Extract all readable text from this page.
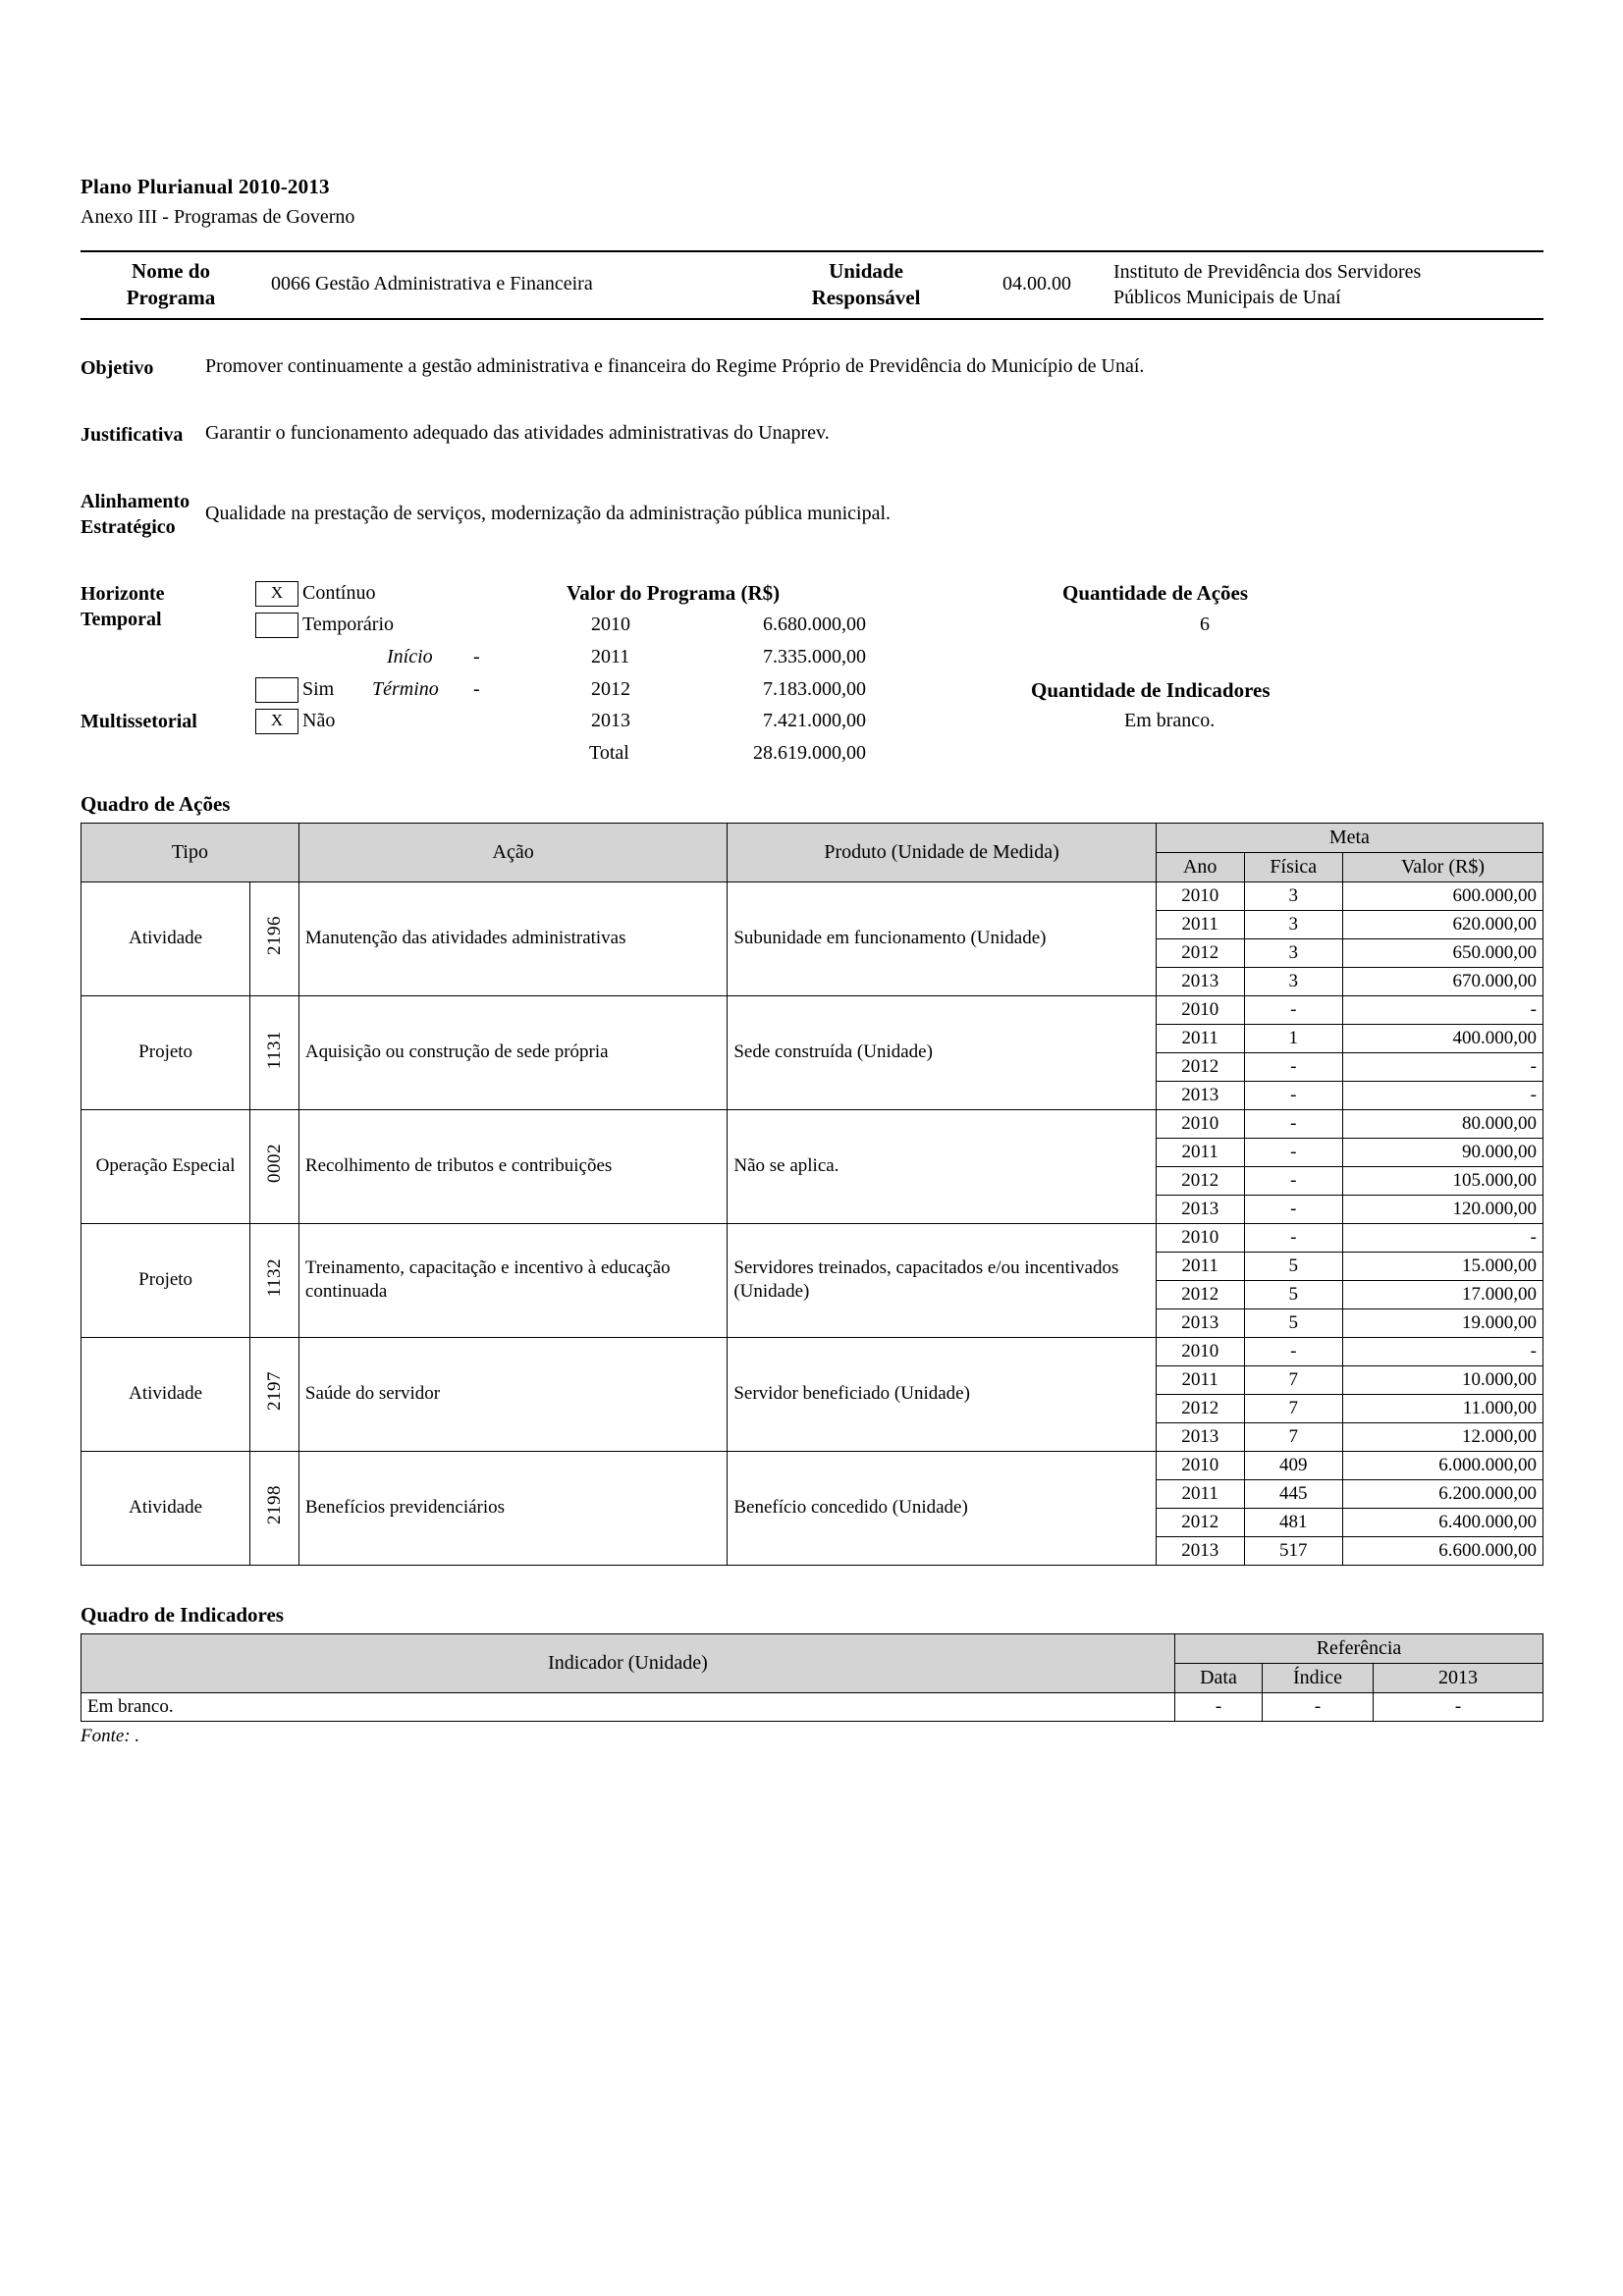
Plano Plurianual 2010-2013
Anexo III - Programas de Governo
Nome do
Programa
0066 Gestão Administrativa e Financeira
Unidade
Responsável
04.00.00
Instituto de Previdência dos Servidores
Públicos Municipais de Unaí
Objetivo	Promover continuamente a gestão administrativa e financeira do Regime Próprio de Previdência do Município de Unaí.
Justificativa	Garantir o funcionamento adequado das atividades administrativas do Unaprev.
Alinhamento
Estratégico
Qualidade na prestação de serviços, modernização da administração pública municipal.
Horizonte
Temporal
Multissetorial
X Contínuo
Temporário
Sim
X Não
Início -
Término -
Valor do Programa (R$)
2010	6.680.000,00
2011	7.335.000,00
2012	7.183.000,00
2013	7.421.000,00
Total	28.619.000,00
Quantidade de Ações
6
Quantidade de Indicadores
Em branco.
Quadro de Ações
Tipo		Ação	Produto (Unidade de Medida)	Meta		
				Ano	Física	Valor (R$)
Atividade	2196	Manutenção das atividades administrativas	Subunidade em funcionamento (Unidade)	2010	3	600.000,00
				2011	3	620.000,00
				2012	3	650.000,00
				2013	3	670.000,00
Projeto	1131	Aquisição ou construção de sede própria	Sede construída (Unidade)	2010	-	-
				2011	1	400.000,00
				2012	-	-
				2013	-	-
Operação Especial	0002	Recolhimento de tributos e contribuições	Não se aplica.	2010	-	80.000,00
				2011	-	90.000,00
				2012	-	105.000,00
				2013	-	120.000,00
Projeto	1132	Treinamento, capacitação e incentivo à educação continuada	Servidores treinados, capacitados e/ou incentivados (Unidade)	2010	-	-
				2011	5	15.000,00
				2012	5	17.000,00
				2013	5	19.000,00
Atividade	2197	Saúde do servidor	Servidor beneficiado (Unidade)	2010	-	-
				2011	7	10.000,00
				2012	7	11.000,00
				2013	7	12.000,00
Atividade	2198	Benefícios previdenciários	Benefício concedido (Unidade)	2010	409	6.000.000,00
				2011	445	6.200.000,00
				2012	481	6.400.000,00
				2013	517	6.600.000,00
Quadro de Indicadores
Indicador (Unidade)	Referência		
	Data	Índice	2013
Em branco.	-	-	-
Fonte: .
